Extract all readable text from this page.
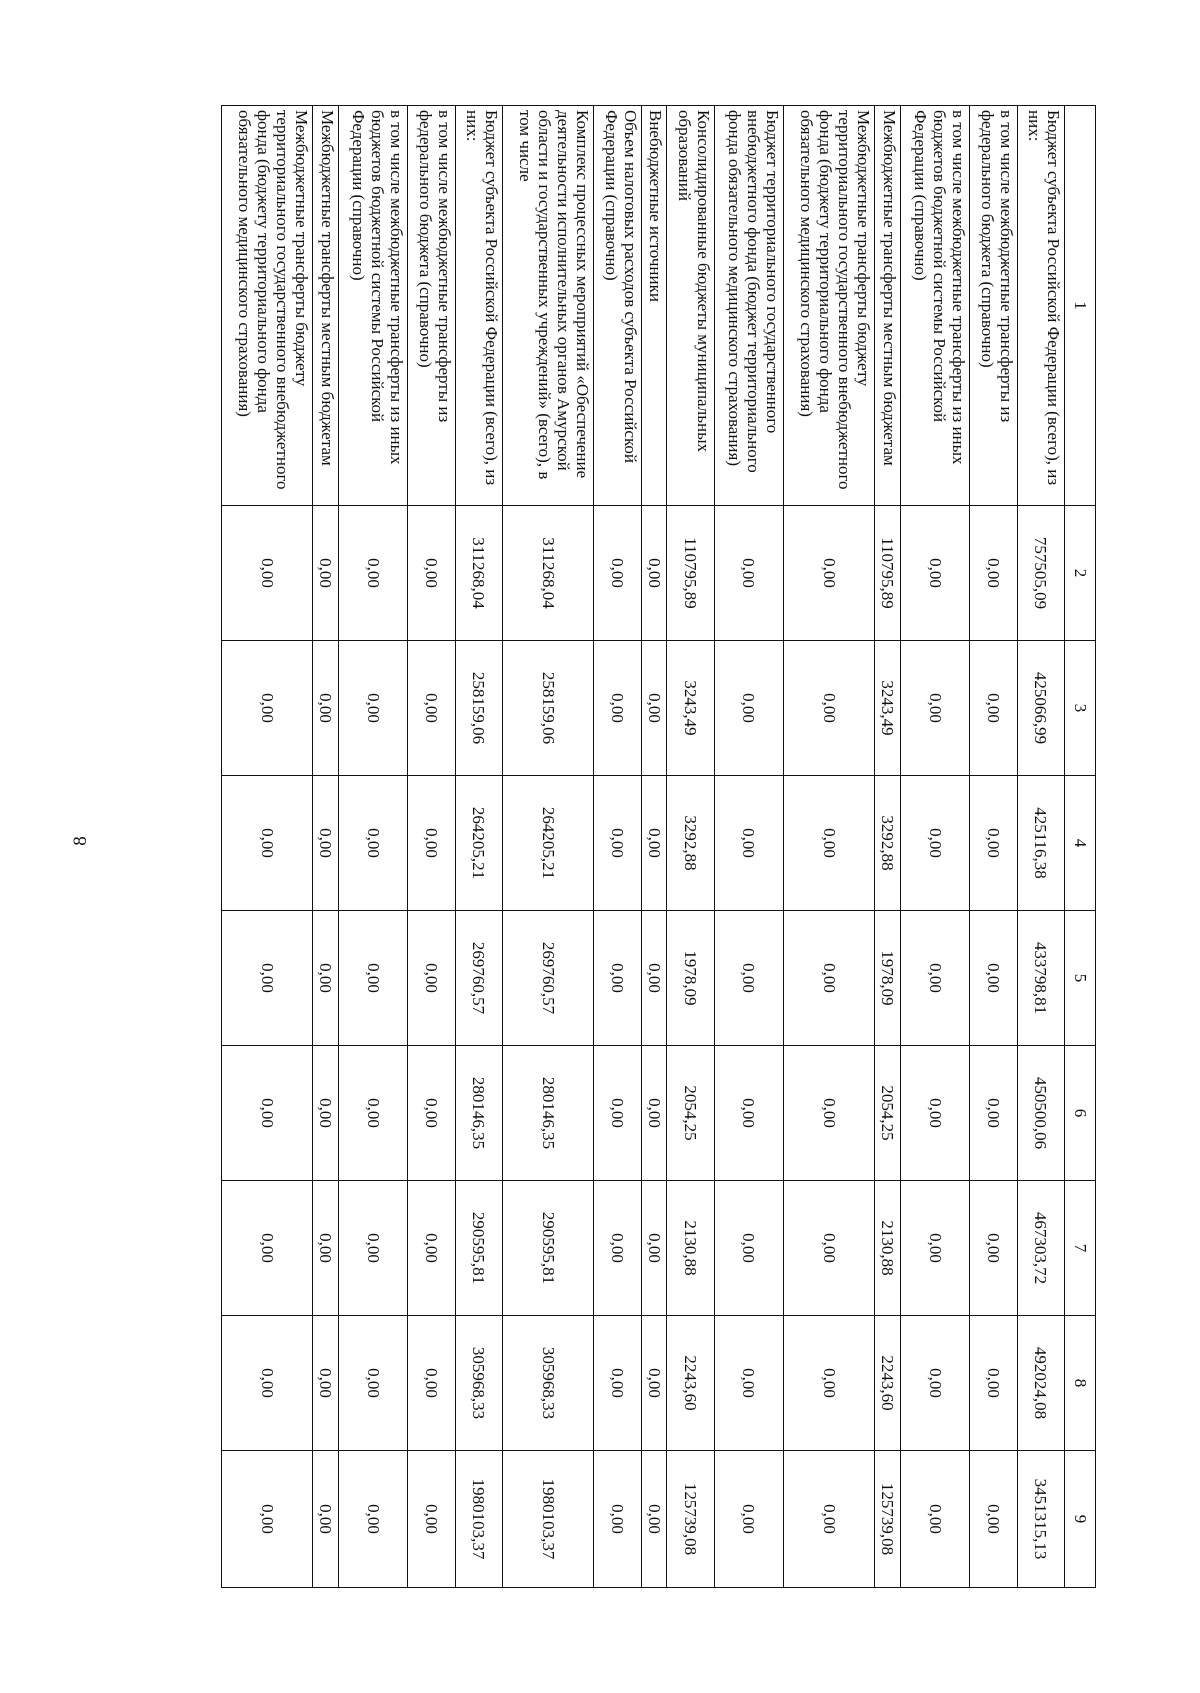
8
1	2	3	4	5	6	7	8	9
Бюджет субъекта Российской Федерации (всего), из них:	757505,09	425066,99	425116,38	433798,81	450500,06	467303,72	492024,08	3451315,13
в том числе межбюджетные трансферты из федерального бюджета (справочно)	0,00	0,00	0,00	0,00	0,00	0,00	0,00	0,00
в том числе межбюджетные трансферты из иных бюджетов бюджетной системы Российской Федерации (справочно)	0,00	0,00	0,00	0,00	0,00	0,00	0,00	0,00
Межбюджетные трансферты местным бюджетам	110795,89	3243,49	3292,88	1978,09	2054,25	2130,88	2243,60	125739,08
Межбюджетные трансферты бюджету территориального государственного внебюджетного фонда (бюджету территориального фонда обязательного медицинского страхования)	0,00	0,00	0,00	0,00	0,00	0,00	0,00	0,00
Бюджет территориального государственного внебюджетного фонда (бюджет территориального фонда обязательного медицинского страхования)	0,00	0,00	0,00	0,00	0,00	0,00	0,00	0,00
Консолидированные бюджеты муниципальных образований	110795,89	3243,49	3292,88	1978,09	2054,25	2130,88	2243,60	125739,08
Внебюджетные источники	0,00	0,00	0,00	0,00	0,00	0,00	0,00	0,00
Объем налоговых расходов субъекта Российской Федерации (справочно)	0,00	0,00	0,00	0,00	0,00	0,00	0,00	0,00
Комплекс процессных мероприятий «Обеспечение деятельности исполнительных органов Амурской области и государственных учреждений» (всего), в том числе	311268,04	258159,06	264205,21	269760,57	280146,35	290595,81	305968,33	1980103,37
Бюджет субъекта Российской Федерации (всего), из них:	311268,04	258159,06	264205,21	269760,57	280146,35	290595,81	305968,33	1980103,37
в том числе межбюджетные трансферты из федерального бюджета (справочно)	0,00	0,00	0,00	0,00	0,00	0,00	0,00	0,00
в том числе межбюджетные трансферты из иных бюджетов бюджетной системы Российской Федерации (справочно)	0,00	0,00	0,00	0,00	0,00	0,00	0,00	0,00
Межбюджетные трансферты местным бюджетам	0,00	0,00	0,00	0,00	0,00	0,00	0,00	0,00
Межбюджетные трансферты бюджету территориального государственного внебюджетного фонда (бюджету территориального фонда обязательного медицинского страхования)	0,00	0,00	0,00	0,00	0,00	0,00	0,00	0,00
